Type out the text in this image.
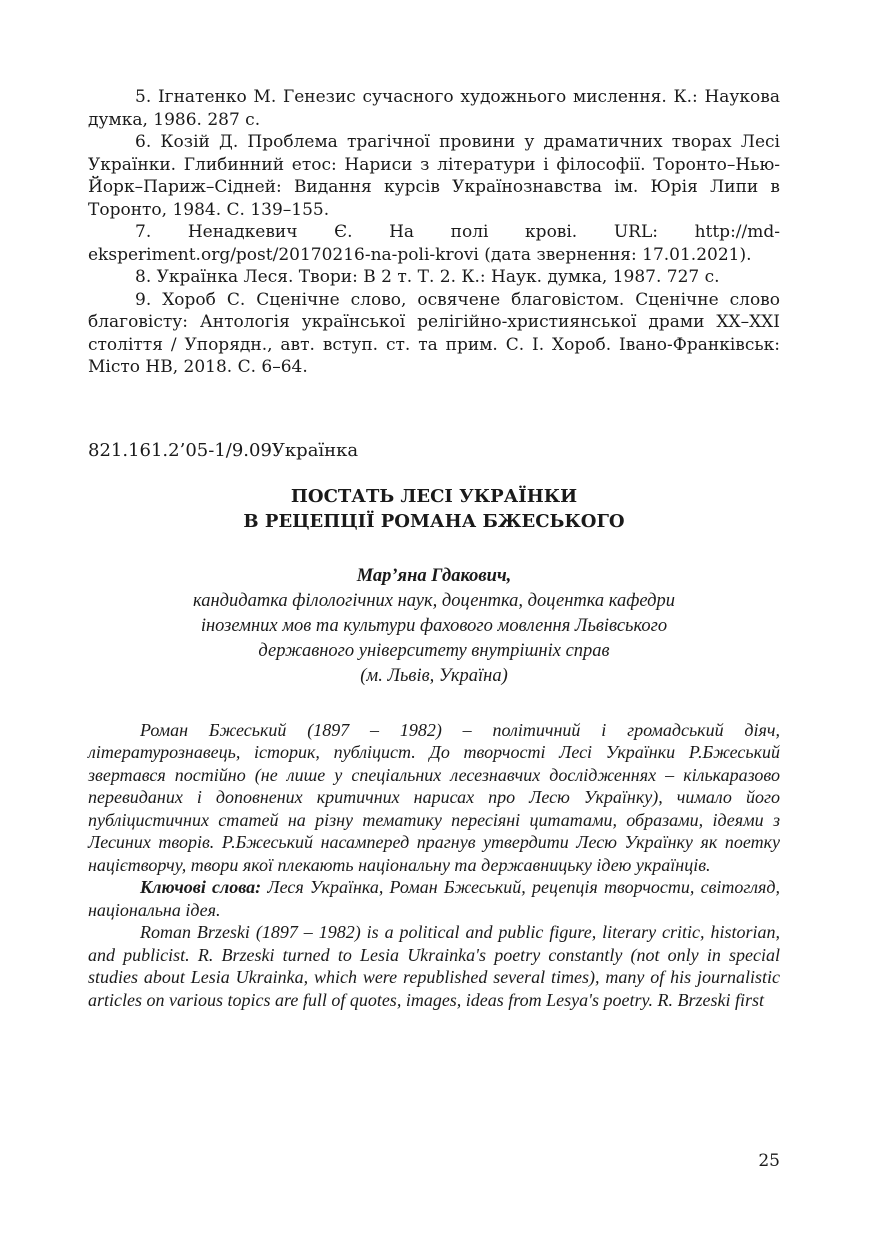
5. Ігнатенко М. Генезис сучасного художнього мислення. К.: Наукова думка, 1986. 287 с.

6. Козій Д. Проблема трагічної провини у драматичних творах Лесі Українки. Глибинний етос: Нариси з літератури і філософії. Торонто–Нью-Йорк–Париж–Сідней: Видання курсів Українознавства ім. Юрія Липи в Торонто, 1984. С. 139–155.

7. Ненадкевич Є. На полі крові. URL: http://md-eksperiment.org/post/20170216-na-poli-krovi (дата звернення: 17.01.2021).

8. Українка Леся. Твори: В 2 т. Т. 2. К.: Наук. думка, 1987. 727 с.

9. Хороб С. Сценічне слово, освячене благовістом. Сценічне слово благовісту: Антологія української релігійно-християнської драми XX–XXI століття / Упорядн., авт. вступ. ст. та прим. С. І. Хороб. Івано-Франківськ: Місто НВ, 2018. С. 6–64.

821.161.2’05-1/9.09Українка
ПОСТАТЬ ЛЕСІ УКРАЇНКИ
В РЕЦЕПЦІЇ РОМАНА БЖЕСЬКОГО
Мар’яна Гдакович,
кандидатка філологічних наук, доцентка, доцентка кафедри
іноземних мов та культури фахового мовлення Львівського
державного університету внутрішніх справ
(м. Львів, Україна)

Роман Бжеський (1897 – 1982) – політичний і громадський діяч, літературознавець, історик, публіцист. До творчості Лесі Українки Р.Бжеський звертався постійно (не лише у спеціальних лесезнавчих дослідженнях – кількаразово перевиданих і доповнених критичних нарисах про Лесю Українку), чимало його публіцистичних статей на різну тематику пересіяні цитатами, образами, ідеями з Лесиних творів. Р.Бжеський насамперед прагнув утвердити Лесю Українку як поетку націєтворчу, твори якої плекають національну та державницьку ідею українців.

Ключові слова: Леся Українка, Роман Бжеський, рецепція творчости, світогляд, національна ідея.

Roman Brzeski (1897 – 1982) is a political and public figure, literary critic, historian, and publicist. R. Brzeski turned to Lesia Ukrainka's poetry constantly (not only in special studies about Lesia Ukrainka, which were republished several times), many of his journalistic articles on various topics are full of quotes, images, ideas from Lesya's poetry. R. Brzeski first

25
